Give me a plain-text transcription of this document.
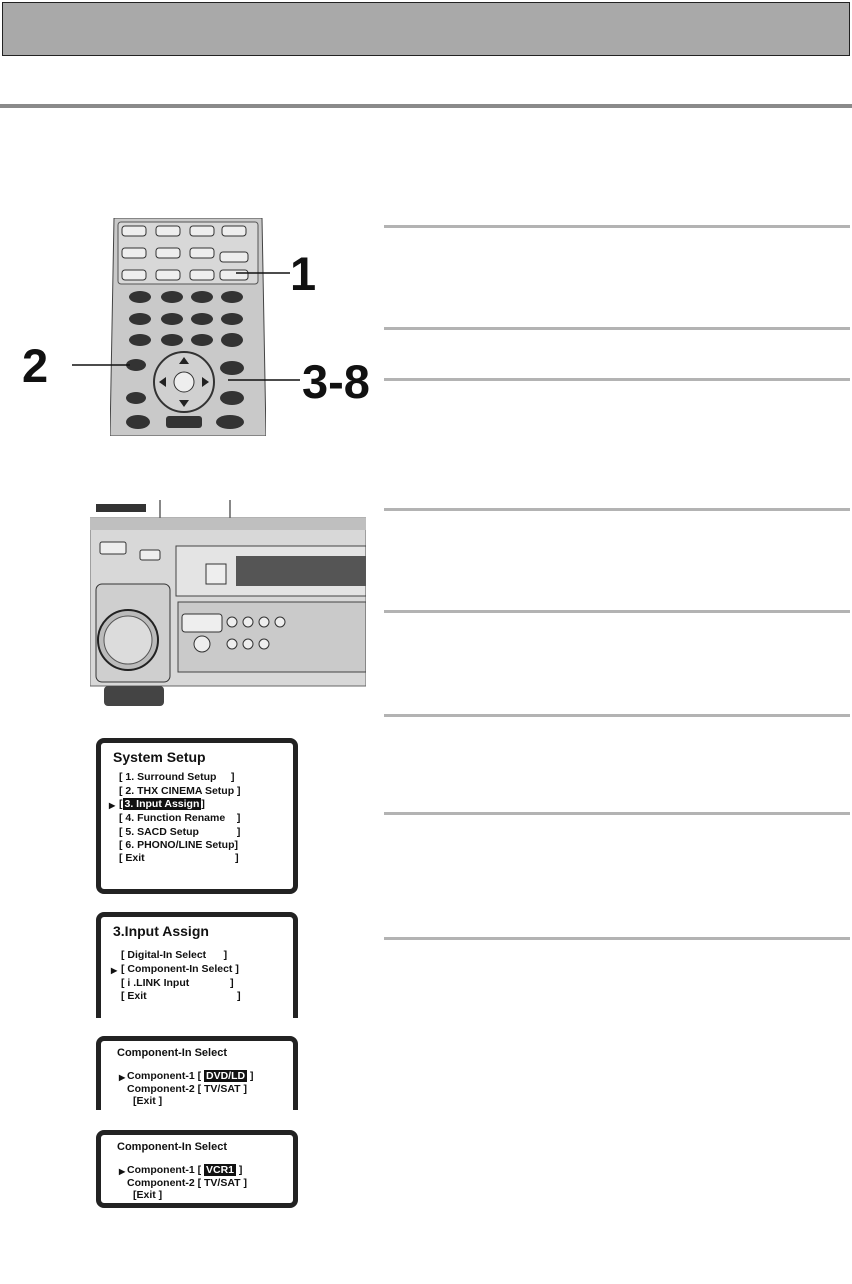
1
2	3-8
System Setup
[ 1. Surround Setup     ]
[ 2. THX CINEMA Setup ]
▶ [ 3. Input Assign ]
[ 4. Function Rename    ]
[ 5. SACD Setup             ]
[ 6. PHONO/LINE Setup]
[ Exit                               ]
3.Input Assign
[ Digital-In Select      ]
▶ [ Component-In Select ]
[ i .LINK Input              ]
[ Exit                               ]
Component-In Select
▶ Component-1 [ DVD/LD ]
Component-2 [ TV/SAT ]
[Exit ]
Component-In Select
▶ Component-1 [ VCR1 ]
Component-2 [ TV/SAT ]
[Exit ]
